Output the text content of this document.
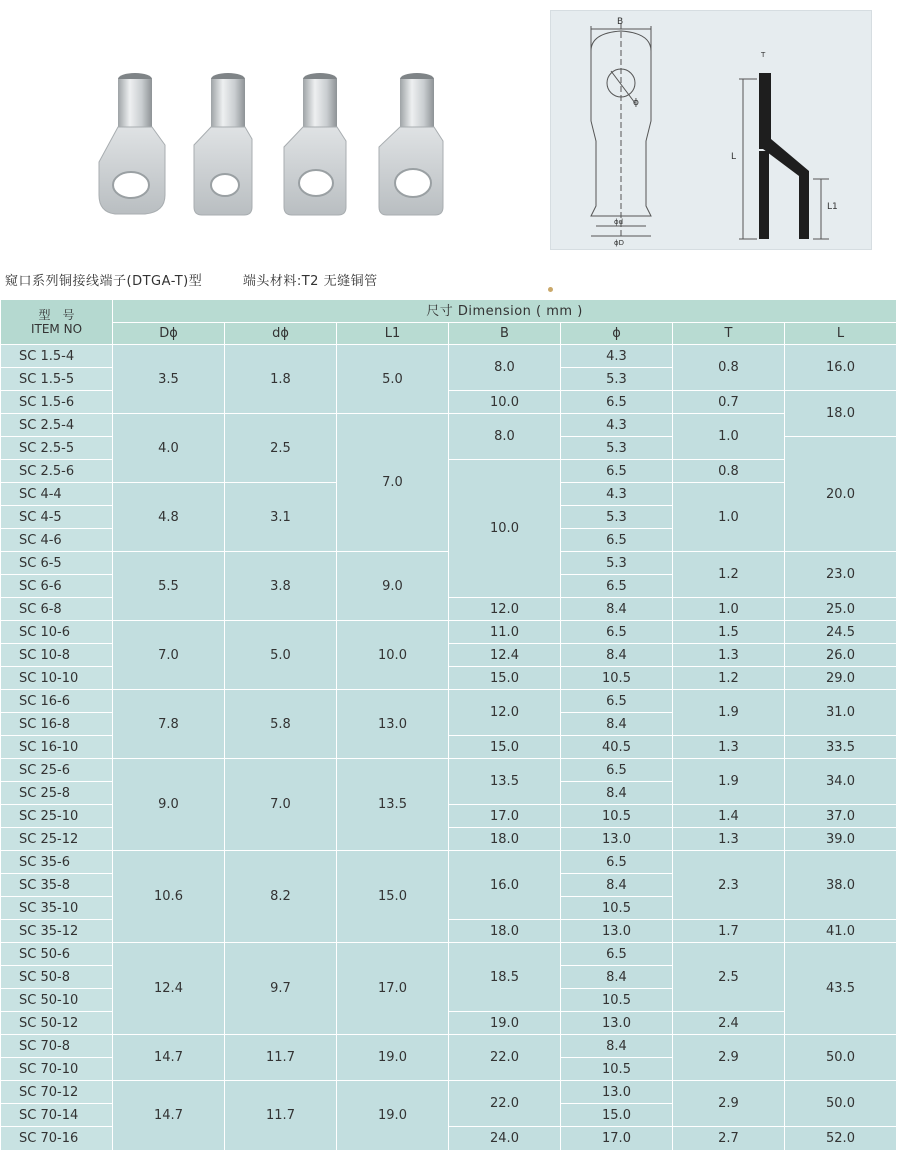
B
ϕ
ϕd
ϕD
L
L1
T
窥口系列铜接线端子(DTGA-T)型	端头材料:T2 无缝铜管
型　号
ITEM NO	尺寸 Dimension ( mm )						
	Dϕ	dϕ	L1	B	ϕ	T	L
SC 1.5-4	3.5	1.8	5.0	8.0	4.3	0.8	16.0
SC 1.5-5					5.3		
SC 1.5-6				10.0	6.5	0.7	18.0
SC 2.5-4	4.0	2.5	7.0	8.0	4.3	1.0	
SC 2.5-5					5.3		20.0
SC 2.5-6				10.0	6.5	0.8	
SC 4-4	4.8	3.1			4.3	1.0	
SC 4-5					5.3		
SC 4-6					6.5		
SC 6-5	5.5	3.8	9.0		5.3	1.2	23.0
SC 6-6					6.5		
SC 6-8				12.0	8.4	1.0	25.0
SC 10-6	7.0	5.0	10.0	11.0	6.5	1.5	24.5
SC 10-8				12.4	8.4	1.3	26.0
SC 10-10				15.0	10.5	1.2	29.0
SC 16-6	7.8	5.8	13.0	12.0	6.5	1.9	31.0
SC 16-8					8.4		
SC 16-10				15.0	40.5	1.3	33.5
SC 25-6	9.0	7.0	13.5	13.5	6.5	1.9	34.0
SC 25-8					8.4		
SC 25-10				17.0	10.5	1.4	37.0
SC 25-12				18.0	13.0	1.3	39.0
SC 35-6	10.6	8.2	15.0	16.0	6.5	2.3	38.0
SC 35-8					8.4		
SC 35-10					10.5		
SC 35-12				18.0	13.0	1.7	41.0
SC 50-6	12.4	9.7	17.0	18.5	6.5	2.5	43.5
SC 50-8					8.4		
SC 50-10					10.5		
SC 50-12				19.0	13.0	2.4	
SC 70-8	14.7	11.7	19.0	22.0	8.4	2.9	50.0
SC 70-10					10.5		
SC 70-12	14.7	11.7	19.0	22.0	13.0	2.9	50.0
SC 70-14					15.0		
SC 70-16				24.0	17.0	2.7	52.0
